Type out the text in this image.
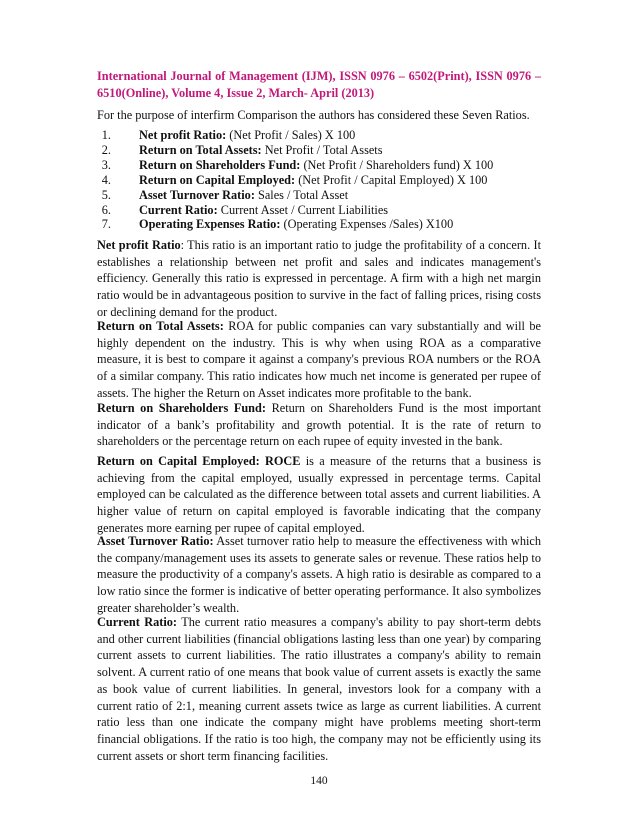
International Journal of Management (IJM), ISSN 0976 – 6502(Print), ISSN 0976 – 6510(Online), Volume 4, Issue 2, March- April (2013)
For the purpose of interfirm Comparison the authors has considered these Seven Ratios.
1. Net profit Ratio: (Net Profit / Sales) X 100
2. Return on Total Assets: Net Profit / Total Assets
3. Return on Shareholders Fund: (Net Profit / Shareholders fund) X 100
4. Return on Capital Employed: (Net Profit / Capital Employed) X 100
5. Asset Turnover Ratio: Sales / Total Asset
6. Current Ratio: Current Asset / Current Liabilities
7. Operating Expenses Ratio: (Operating Expenses /Sales) X100

Net profit Ratio: This ratio is an important ratio to judge the profitability of a concern. It establishes a relationship between net profit and sales and indicates management's efficiency. Generally this ratio is expressed in percentage. A firm with a high net margin ratio would be in advantageous position to survive in the fact of falling prices, rising costs or declining demand for the product.

Return on Total Assets: ROA for public companies can vary substantially and will be highly dependent on the industry. This is why when using ROA as a comparative measure, it is best to compare it against a company's previous ROA numbers or the ROA of a similar company. This ratio indicates how much net income is generated per rupee of assets. The higher the Return on Asset indicates more profitable to the bank.

Return on Shareholders Fund: Return on Shareholders Fund is the most important indicator of a bank’s profitability and growth potential. It is the rate of return to shareholders or the percentage return on each rupee of equity invested in the bank.

Return on Capital Employed: ROCE is a measure of the returns that a business is achieving from the capital employed, usually expressed in percentage terms. Capital employed can be calculated as the difference between total assets and current liabilities. A higher value of return on capital employed is favorable indicating that the company generates more earning per rupee of capital employed.

Asset Turnover Ratio: Asset turnover ratio help to measure the effectiveness with which the company/management uses its assets to generate sales or revenue. These ratios help to measure the productivity of a company's assets. A high ratio is desirable as compared to a low ratio since the former is indicative of better operating performance. It also symbolizes greater shareholder’s wealth.

Current Ratio: The current ratio measures a company's ability to pay short-term debts and other current liabilities (financial obligations lasting less than one year) by comparing current assets to current liabilities. The ratio illustrates a company's ability to remain solvent. A current ratio of one means that book value of current assets is exactly the same as book value of current liabilities. In general, investors look for a company with a current ratio of 2:1, meaning current assets twice as large as current liabilities. A current ratio less than one indicate the company might have problems meeting short-term financial obligations. If the ratio is too high, the company may not be efficiently using its current assets or short term financing facilities.

140
